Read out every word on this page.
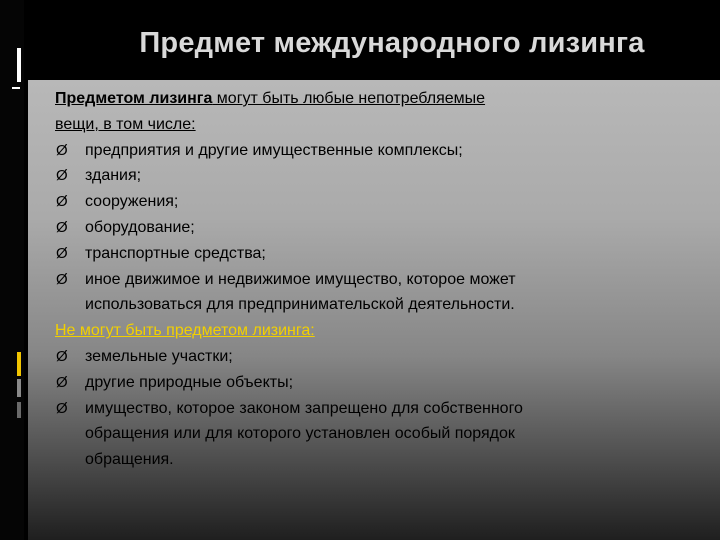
Предмет международного лизинга
Предметом лизинга могут быть любые непотребляемые
вещи, в том числе:
Ø предприятия и другие имущественные комплексы;
Ø здания;
Ø сооружения;
Ø оборудование;
Ø транспортные средства;
Ø иное движимое и недвижимое имущество, которое может
использоваться для предпринимательской деятельности.
Не могут быть предметом лизинга:
Ø земельные участки;
Ø другие природные объекты;
Ø имущество, которое законом запрещено для собственного
обращения или для которого установлен особый порядок
обращения.
